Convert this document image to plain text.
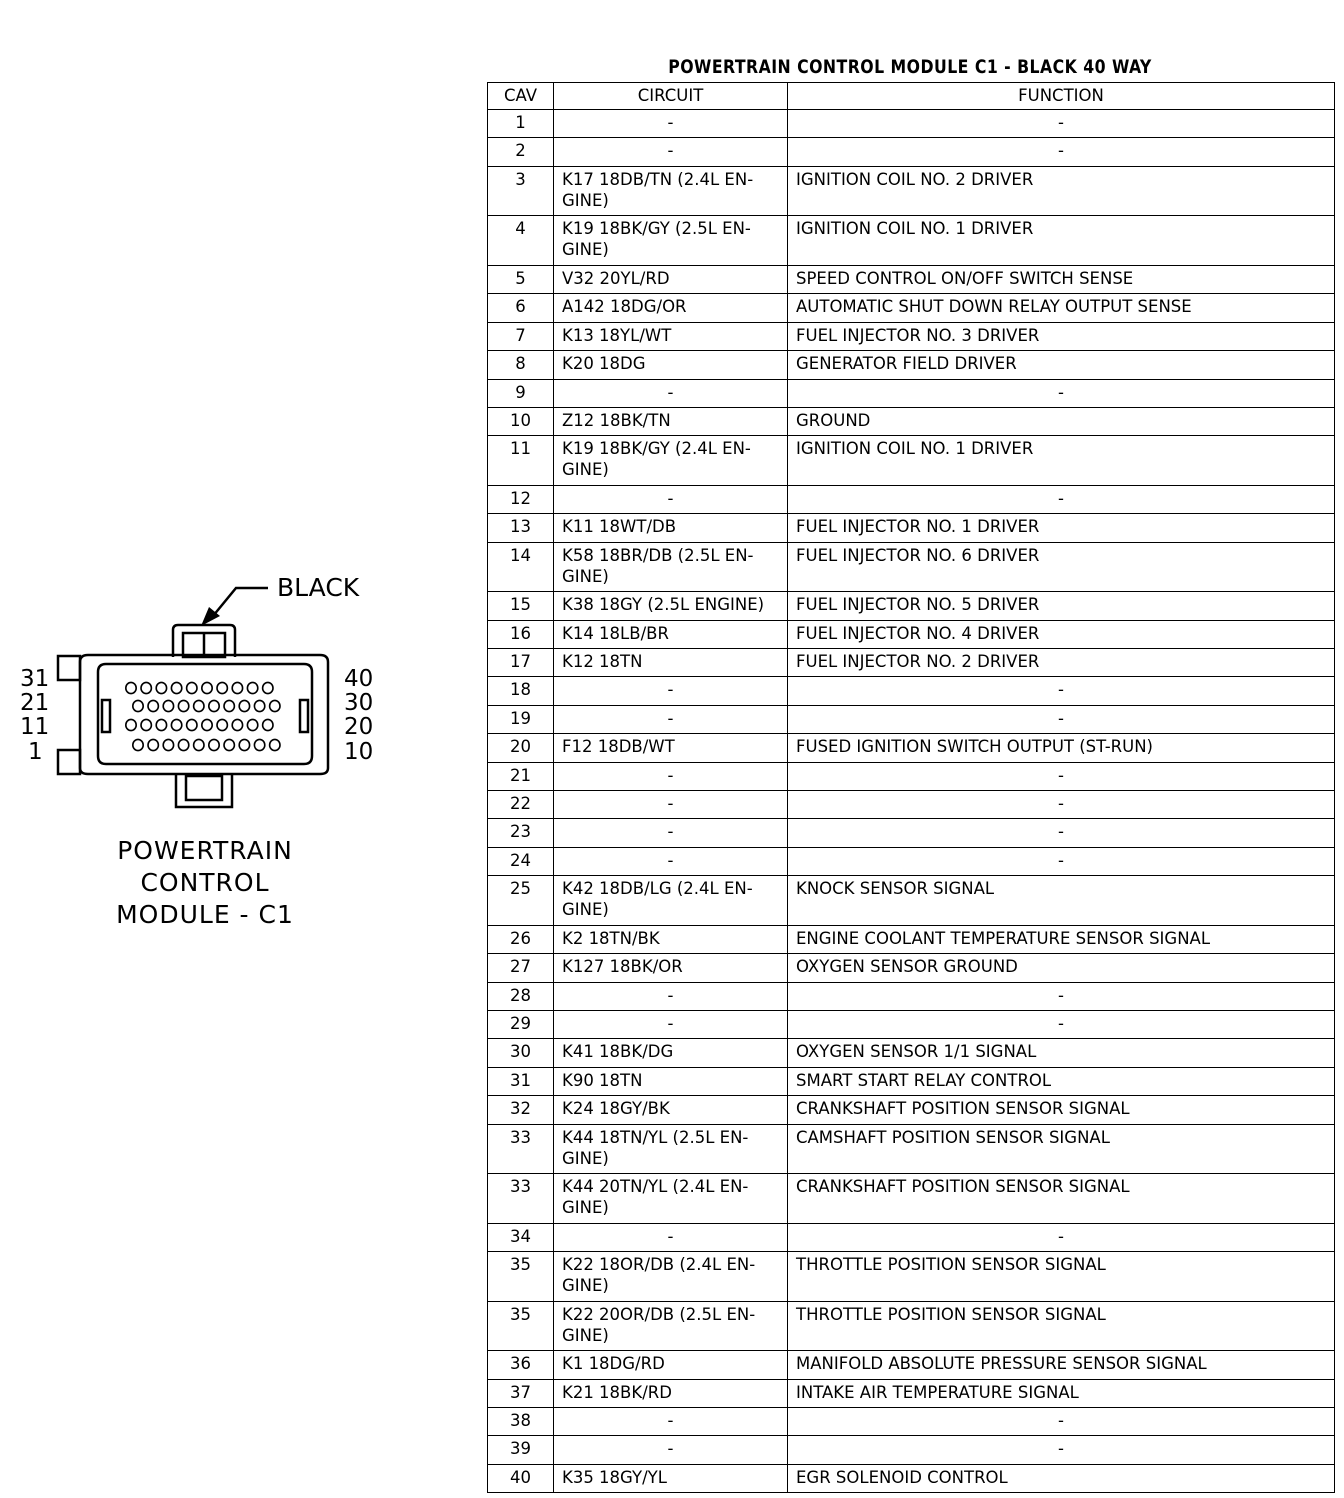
BLACK
31
21
11
1
40
30
20
10
POWERTRAIN
CONTROL
MODULE - C1
POWERTRAIN CONTROL MODULE C1 - BLACK 40 WAY
CAV	CIRCUIT	FUNCTION
1	-	-
2	-	-
3	K17 18DB/TN (2.4L EN-GINE)	IGNITION COIL NO. 2 DRIVER
4	K19 18BK/GY (2.5L EN-GINE)	IGNITION COIL NO. 1 DRIVER
5	V32 20YL/RD	SPEED CONTROL ON/OFF SWITCH SENSE
6	A142 18DG/OR	AUTOMATIC SHUT DOWN RELAY OUTPUT SENSE
7	K13 18YL/WT	FUEL INJECTOR NO. 3 DRIVER
8	K20 18DG	GENERATOR FIELD DRIVER
9	-	-
10	Z12 18BK/TN	GROUND
11	K19 18BK/GY (2.4L EN-GINE)	IGNITION COIL NO. 1 DRIVER
12	-	-
13	K11 18WT/DB	FUEL INJECTOR NO. 1 DRIVER
14	K58 18BR/DB (2.5L EN-GINE)	FUEL INJECTOR NO. 6 DRIVER
15	K38 18GY (2.5L ENGINE)	FUEL INJECTOR NO. 5 DRIVER
16	K14 18LB/BR	FUEL INJECTOR NO. 4 DRIVER
17	K12 18TN	FUEL INJECTOR NO. 2 DRIVER
18	-	-
19	-	-
20	F12 18DB/WT	FUSED IGNITION SWITCH OUTPUT (ST-RUN)
21	-	-
22	-	-
23	-	-
24	-	-
25	K42 18DB/LG (2.4L EN-GINE)	KNOCK SENSOR SIGNAL
26	K2 18TN/BK	ENGINE COOLANT TEMPERATURE SENSOR SIGNAL
27	K127 18BK/OR	OXYGEN SENSOR GROUND
28	-	-
29	-	-
30	K41 18BK/DG	OXYGEN SENSOR 1/1 SIGNAL
31	K90 18TN	SMART START RELAY CONTROL
32	K24 18GY/BK	CRANKSHAFT POSITION SENSOR SIGNAL
33	K44 18TN/YL (2.5L EN-GINE)	CAMSHAFT POSITION SENSOR SIGNAL
33	K44 20TN/YL (2.4L EN-GINE)	CRANKSHAFT POSITION SENSOR SIGNAL
34	-	-
35	K22 18OR/DB (2.4L EN-GINE)	THROTTLE POSITION SENSOR SIGNAL
35	K22 20OR/DB (2.5L EN-GINE)	THROTTLE POSITION SENSOR SIGNAL
36	K1 18DG/RD	MANIFOLD ABSOLUTE PRESSURE SENSOR SIGNAL
37	K21 18BK/RD	INTAKE AIR TEMPERATURE SIGNAL
38	-	-
39	-	-
40	K35 18GY/YL	EGR SOLENOID CONTROL
